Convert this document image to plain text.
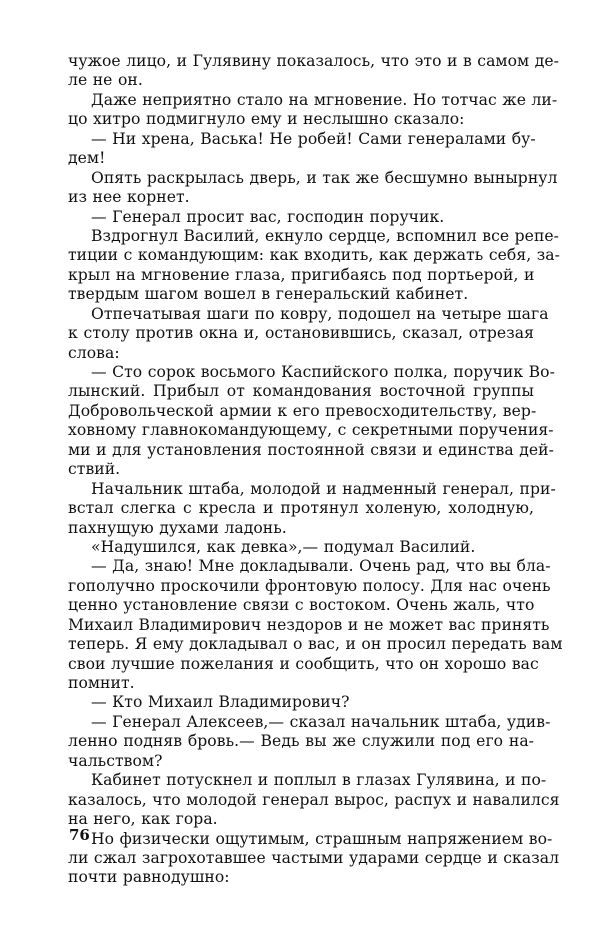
чужое лицо, и Гулявину показалось, что это и в самом де-
ле не он.
Даже неприятно стало на мгновение. Но тотчас же ли-
цо хитро подмигнуло ему и неслышно сказало:
— Ни хрена, Васька! Не робей! Сами генералами бу-
дем!
Опять раскрылась дверь, и так же бесшумно вынырнул
из нее корнет.
— Генерал просит вас, господин поручик.
Вздрогнул Василий, екнуло сердце, вспомнил все репе-
тиции с командующим: как входить, как держать себя, за-
крыл на мгновение глаза, пригибаясь под портьерой, и
твердым шагом вошел в генеральский кабинет.
Отпечатывая шаги по ковру, подошел на четыре шага
к столу против окна и, остановившись, сказал, отрезая
слова:
— Сто сорок восьмого Каспийского полка, поручик Во-
лынский. Прибыл от командования восточной группы
Добровольческой армии к его превосходительству, вер-
ховному главнокомандующему, с секретными поручения-
ми и для установления постоянной связи и единства дей-
ствий.
Начальник штаба, молодой и надменный генерал, при-
встал слегка с кресла и протянул холеную, холодную,
пахнущую духами ладонь.
«Надушился, как девка»,— подумал Василий.
— Да, знаю! Мне докладывали. Очень рад, что вы бла-
гополучно проскочили фронтовую полосу. Для нас очень
ценно установление связи с востоком. Очень жаль, что
Михаил Владимирович нездоров и не может вас принять
теперь. Я ему докладывал о вас, и он просил передать вам
свои лучшие пожелания и сообщить, что он хорошо вас
помнит.
— Кто Михаил Владимирович?
— Генерал Алексеев,— сказал начальник штаба, удив-
ленно подняв бровь.— Ведь вы же служили под его на-
чальством?
Кабинет потускнел и поплыл в глазах Гулявина, и по-
казалось, что молодой генерал вырос, распух и навалился
на него, как гора.
Но физически ощутимым, страшным напряжением во-
ли сжал загрохотавшее частыми ударами сердце и сказал
почти равнодушно:
76
